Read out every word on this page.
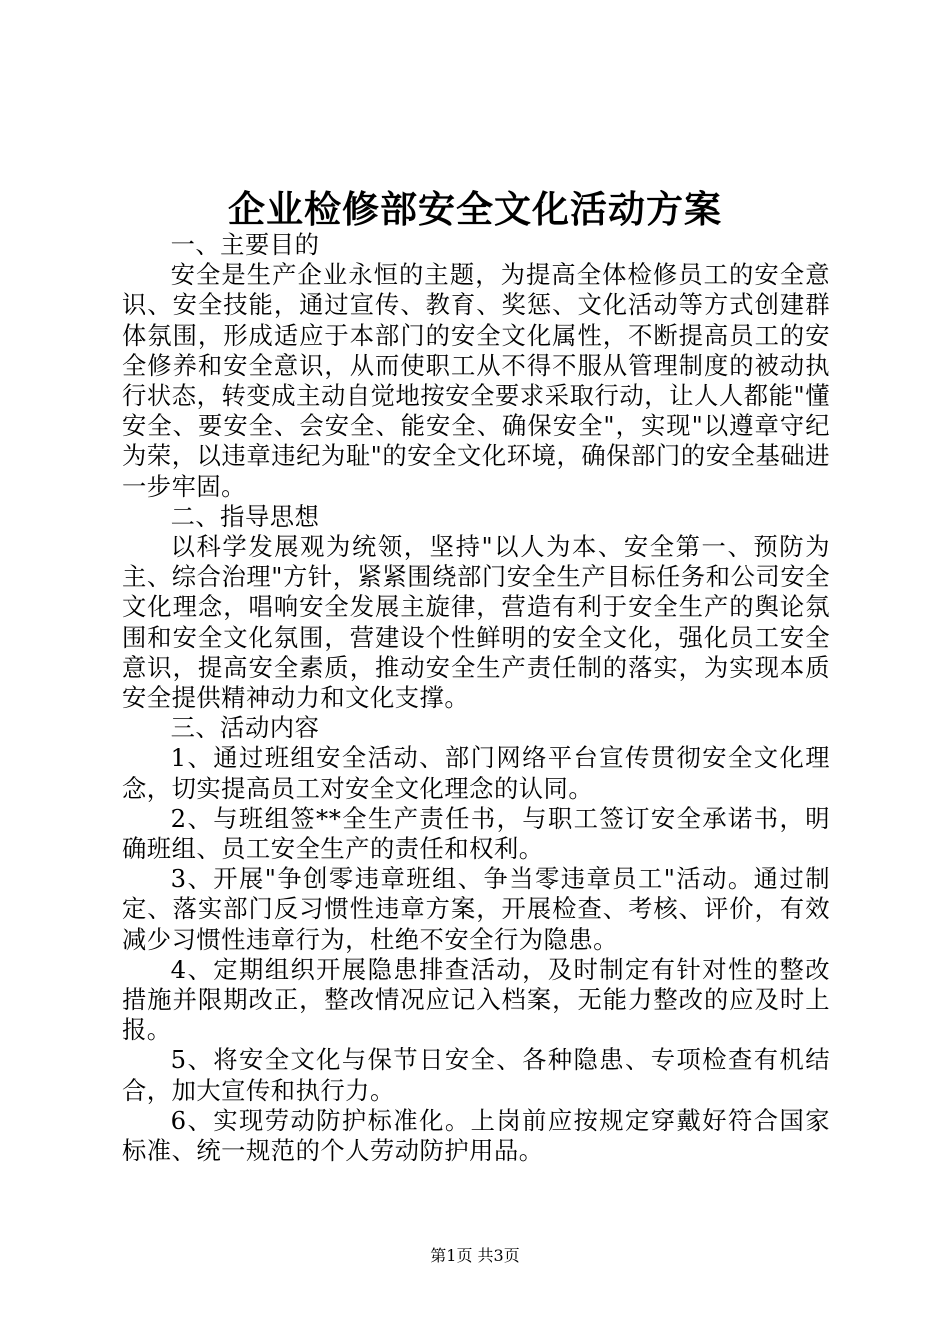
企业检修部安全文化活动方案

一、主要目的

安全是生产企业永恒的主题，为提高全体检修员工的安全意识、安全技能，通过宣传、教育、奖惩、文化活动等方式创建群体氛围，形成适应于本部门的安全文化属性，不断提高员工的安全修养和安全意识，从而使职工从不得不服从管理制度的被动执行状态，转变成主动自觉地按安全要求采取行动，让人人都能"懂安全、要安全、会安全、能安全、确保安全"，实现"以遵章守纪为荣，以违章违纪为耻"的安全文化环境，确保部门的安全基础进一步牢固。

二、指导思想

以科学发展观为统领，坚持"以人为本、安全第一、预防为主、综合治理"方针，紧紧围绕部门安全生产目标任务和公司安全文化理念，唱响安全发展主旋律，营造有利于安全生产的舆论氛围和安全文化氛围，营建设个性鲜明的安全文化，强化员工安全意识，提高安全素质，推动安全生产责任制的落实，为实现本质安全提供精神动力和文化支撑。

三、活动内容

1、通过班组安全活动、部门网络平台宣传贯彻安全文化理念，切实提高员工对安全文化理念的认同。

2、与班组签**全生产责任书，与职工签订安全承诺书，明确班组、员工安全生产的责任和权利。

3、开展"争创零违章班组、争当零违章员工"活动。通过制定、落实部门反习惯性违章方案，开展检查、考核、评价，有效减少习惯性违章行为，杜绝不安全行为隐患。

4、定期组织开展隐患排查活动，及时制定有针对性的整改措施并限期改正，整改情况应记入档案，无能力整改的应及时上报。

5、将安全文化与保节日安全、各种隐患、专项检查有机结合，加大宣传和执行力。

6、实现劳动防护标准化。上岗前应按规定穿戴好符合国家标准、统一规范的个人劳动防护用品。

第1页 共3页
